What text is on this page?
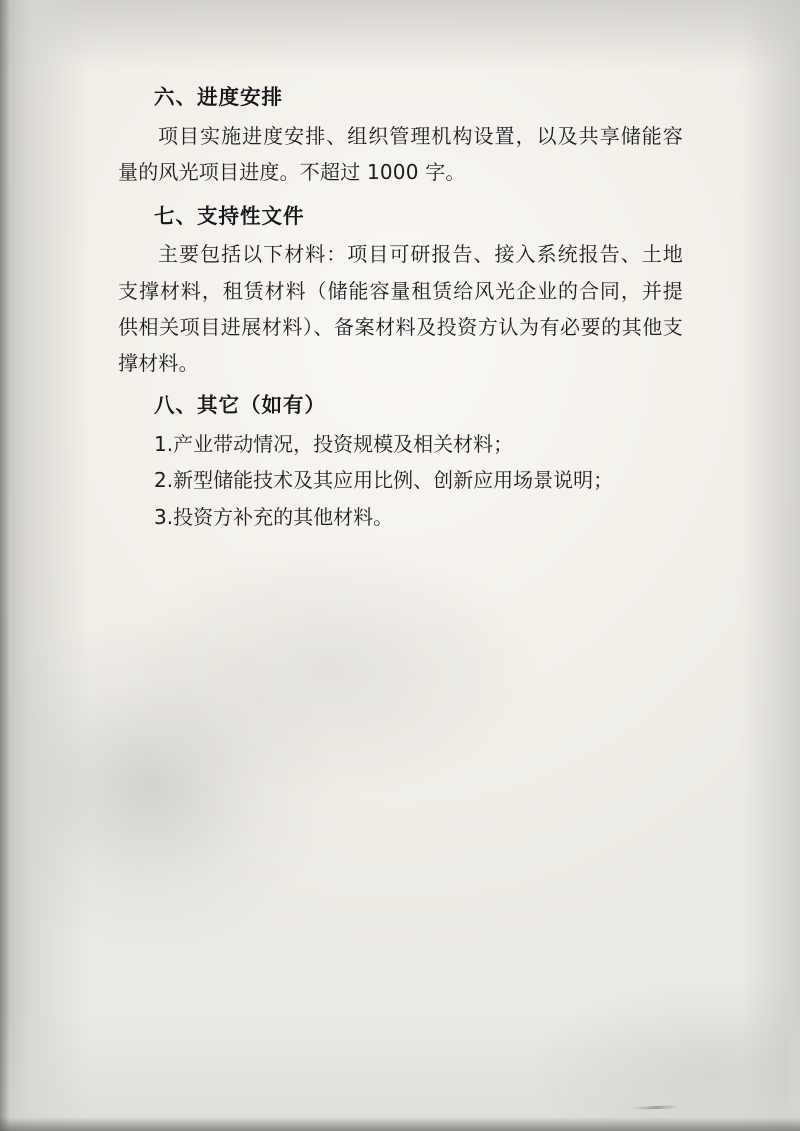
六、进度安排

项目实施进度安排、组织管理机构设置，以及共享储能容量的风光项目进度。不超过 1000 字。

七、支持性文件

主要包括以下材料：项目可研报告、接入系统报告、土地支撑材料，租赁材料（储能容量租赁给风光企业的合同，并提供相关项目进展材料）、备案材料及投资方认为有必要的其他支撑材料。

八、其它（如有）

1.产业带动情况，投资规模及相关材料；

2.新型储能技术及其应用比例、创新应用场景说明；

3.投资方补充的其他材料。
